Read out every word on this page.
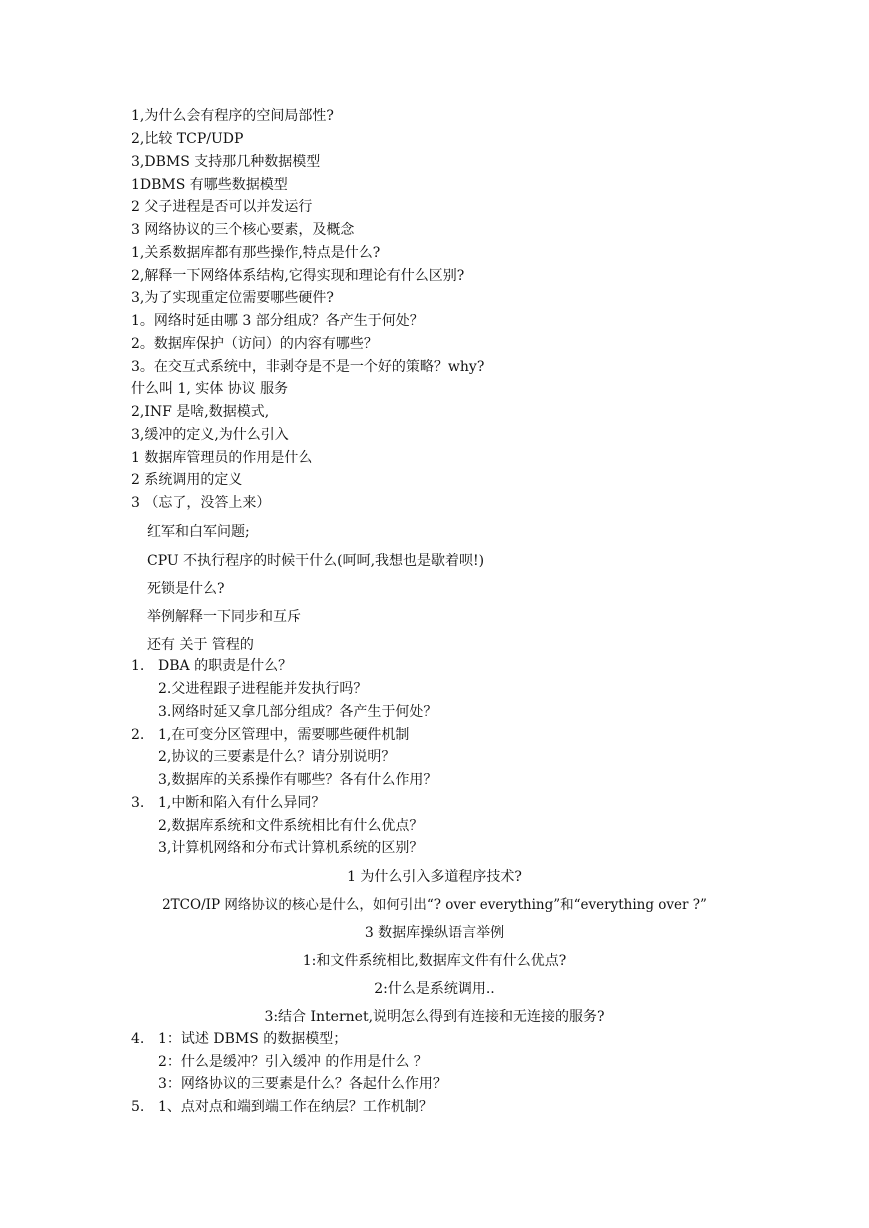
1,为什么会有程序的空间局部性?
2,比较 TCP/UDP
3,DBMS 支持那几种数据模型
1DBMS 有哪些数据模型
2 父子进程是否可以并发运行
3 网络协议的三个核心要素，及概念
1,关系数据库都有那些操作,特点是什么?
2,解释一下网络体系结构,它得实现和理论有什么区别?
3,为了实现重定位需要哪些硬件?
1。网络时延由哪 3 部分组成？各产生于何处？
2。数据库保护（访问）的内容有哪些？
3。在交互式系统中，非剥夺是不是一个好的策略？why?
什么叫 1, 实体 协议 服务
2,INF 是啥,数据模式,
3,缓冲的定义,为什么引入
1 数据库管理员的作用是什么
2 系统调用的定义
3 （忘了，没答上来）
红军和白军问题;
CPU 不执行程序的时候干什么(呵呵,我想也是歇着呗!)
死锁是什么?
举例解释一下同步和互斥
还有 关于 管程的
1. DBA 的职责是什么？
2.父进程跟子进程能并发执行吗？
3.网络时延又拿几部分组成？各产生于何处？
2. 1,在可变分区管理中，需要哪些硬件机制
2,协议的三要素是什么？请分别说明？
3,数据库的关系操作有哪些？各有什么作用？
3. 1,中断和陷入有什么异同？
2,数据库系统和文件系统相比有什么优点？
3,计算机网络和分布式计算机系统的区别？
1 为什么引入多道程序技术?
2TCO/IP 网络协议的核心是什么，如何引出“? over everything”和“everything over ?”
3 数据库操纵语言举例
1:和文件系统相比,数据库文件有什么优点?
2:什么是系统调用..
3:结合 Internet,说明怎么得到有连接和无连接的服务?
4. 1：试述 DBMS 的数据模型；
2：什么是缓冲？引入缓冲 的作用是什么 ？
3：网络协议的三要素是什么？各起什么作用？
5. 1、点对点和端到端工作在纳层？工作机制？
